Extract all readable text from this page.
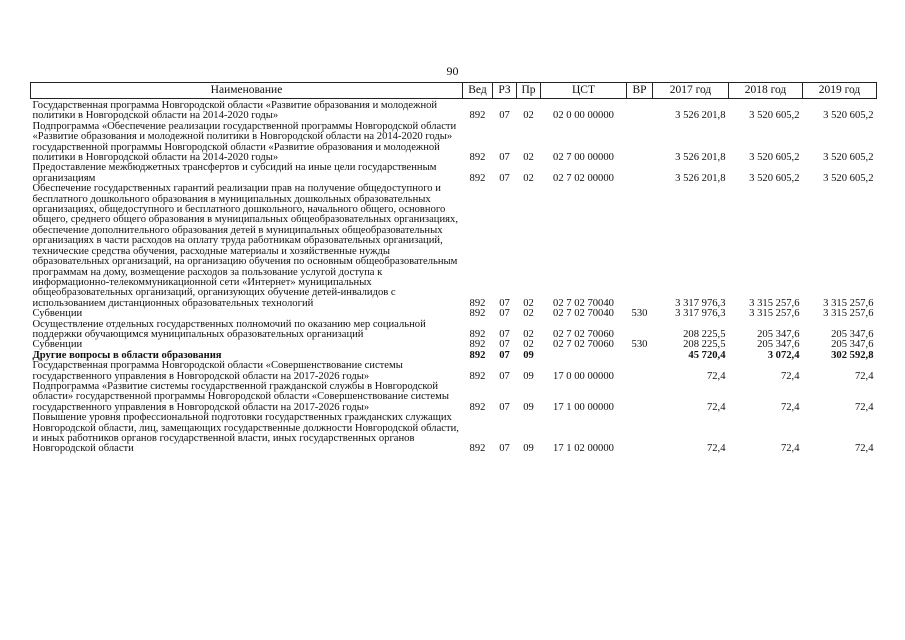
90
Наименование	Вед	РЗ	Пр	ЦСТ	ВР	2017 год	2018 год	2019 год
Государственная программа Новгородской области «Развитие образования и молодежной политики в Новгородской области на 2014-2020 годы»	892	07	02	02 0 00 00000		3 526 201,8	3 520 605,2	3 520 605,2
Подпрограмма «Обеспечение реализации государственной программы Новгородской области «Развитие образования и молодежной политики в Новгородской области на 2014-2020 годы» государственной программы Новгородской области «Развитие образования и молодежной политики в Новгородской области на 2014-2020 годы»	892	07	02	02 7 00 00000		3 526 201,8	3 520 605,2	3 520 605,2
Предоставление межбюджетных трансфертов и субсидий на иные цели государственным организациям	892	07	02	02 7 02 00000		3 526 201,8	3 520 605,2	3 520 605,2
Обеспечение государственных гарантий реализации прав на получение общедоступного и бесплатного дошкольного образования в муниципальных дошкольных образовательных организациях, общедоступного и бесплатного дошкольного, начального общего, основного общего, среднего общего образования в муниципальных общеобразовательных организациях, обеспечение дополнительного образования детей в муниципальных общеобразовательных организациях в части расходов на оплату труда работникам образовательных организаций, технические средства обучения, расходные материалы и хозяйственные нужды образовательных организаций, на организацию обучения по основным общеобразовательным программам на дому, возмещение расходов за пользование услугой доступа к информационно-телекоммуникационной сети «Интернет» муниципальных общеобразовательных организаций, организующих обучение детей-инвалидов с использованием дистанционных образовательных технологий	892	07	02	02 7 02 70040		3 317 976,3	3 315 257,6	3 315 257,6
Субвенции	892	07	02	02 7 02 70040	530	3 317 976,3	3 315 257,6	3 315 257,6
Осуществление отдельных государственных полномочий по оказанию мер социальной поддержки обучающимся муниципальных образовательных организаций	892	07	02	02 7 02 70060		208 225,5	205 347,6	205 347,6
Субвенции	892	07	02	02 7 02 70060	530	208 225,5	205 347,6	205 347,6
Другие вопросы в области образования	892	07	09			45 720,4	3 072,4	302 592,8
Государственная программа Новгородской области «Совершенствование системы государственного управления в Новгородской области на 2017-2026 годы»	892	07	09	17 0 00 00000		72,4	72,4	72,4
Подпрограмма «Развитие системы государственной гражданской службы в Новгородской области» государственной программы Новгородской области «Совершенствование системы государственного управления в Новгородской области на 2017-2026 годы»	892	07	09	17 1 00 00000		72,4	72,4	72,4
Повышение уровня профессиональной подготовки государственных гражданских служащих Новгородской области, лиц, замещающих государственные должности Новгородской области, и иных работников органов государственной власти, иных государственных органов Новгородской области	892	07	09	17 1 02 00000		72,4	72,4	72,4
